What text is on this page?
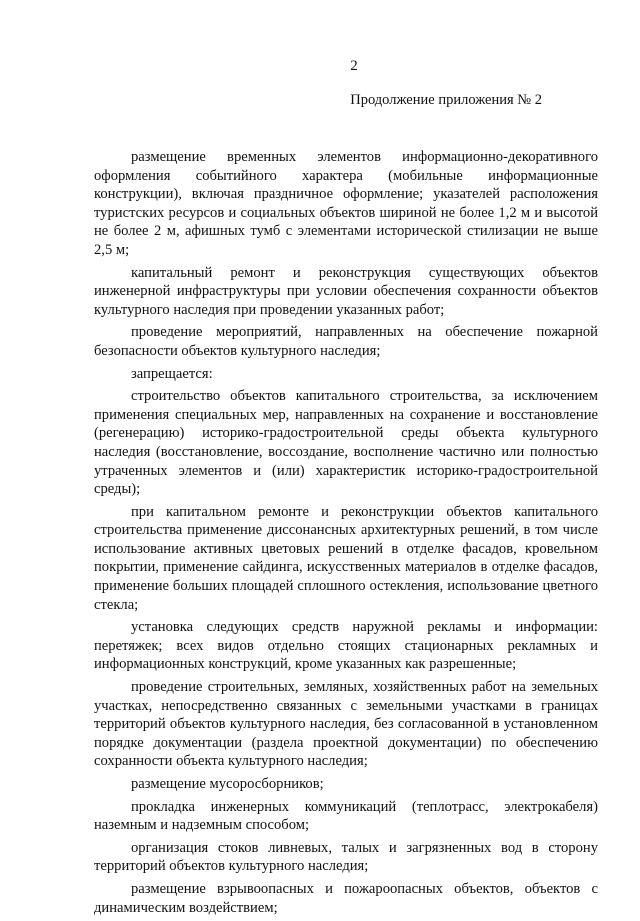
2
Продолжение приложения № 2

размещение временных элементов информационно-декоративного оформления событийного характера (мобильные информационные конструкции), включая праздничное оформление; указателей расположения туристских ресурсов и социальных объектов шириной не более 1,2 м и высотой не более 2 м, афишных тумб с элементами исторической стилизации не выше 2,5 м;

капитальный ремонт и реконструкция существующих объектов инженерной инфраструктуры при условии обеспечения сохранности объектов культурного наследия при проведении указанных работ;

проведение мероприятий, направленных на обеспечение пожарной безопасности объектов культурного наследия;

запрещается:

строительство объектов капитального строительства, за исключением применения специальных мер, направленных на сохранение и восстановление (регенерацию) историко-градостроительной среды объекта культурного наследия (восстановление, воссоздание, восполнение частично или полностью утраченных элементов и (или) характеристик историко-градостроительной среды);

при капитальном ремонте и реконструкции объектов капитального строительства применение диссонансных архитектурных решений, в том числе использование активных цветовых решений в отделке фасадов, кровельном покрытии, применение сайдинга, искусственных материалов в отделке фасадов, применение больших площадей сплошного остекления, использование цветного стекла;

установка следующих средств наружной рекламы и информации: перетяжек; всех видов отдельно стоящих стационарных рекламных и информационных конструкций, кроме указанных как разрешенные;

проведение строительных, земляных, хозяйственных работ на земельных участках, непосредственно связанных с земельными участками в границах территорий объектов культурного наследия, без согласованной в установленном порядке документации (раздела проектной документации) по обеспечению сохранности объекта культурного наследия;

размещение мусоросборников;

прокладка инженерных коммуникаций (теплотрасс, электрокабеля) наземным и надземным способом;

организация стоков ливневых, талых и загрязненных вод в сторону территорий объектов культурного наследия;

размещение взрывоопасных и пожароопасных объектов, объектов с динамическим воздействием;
